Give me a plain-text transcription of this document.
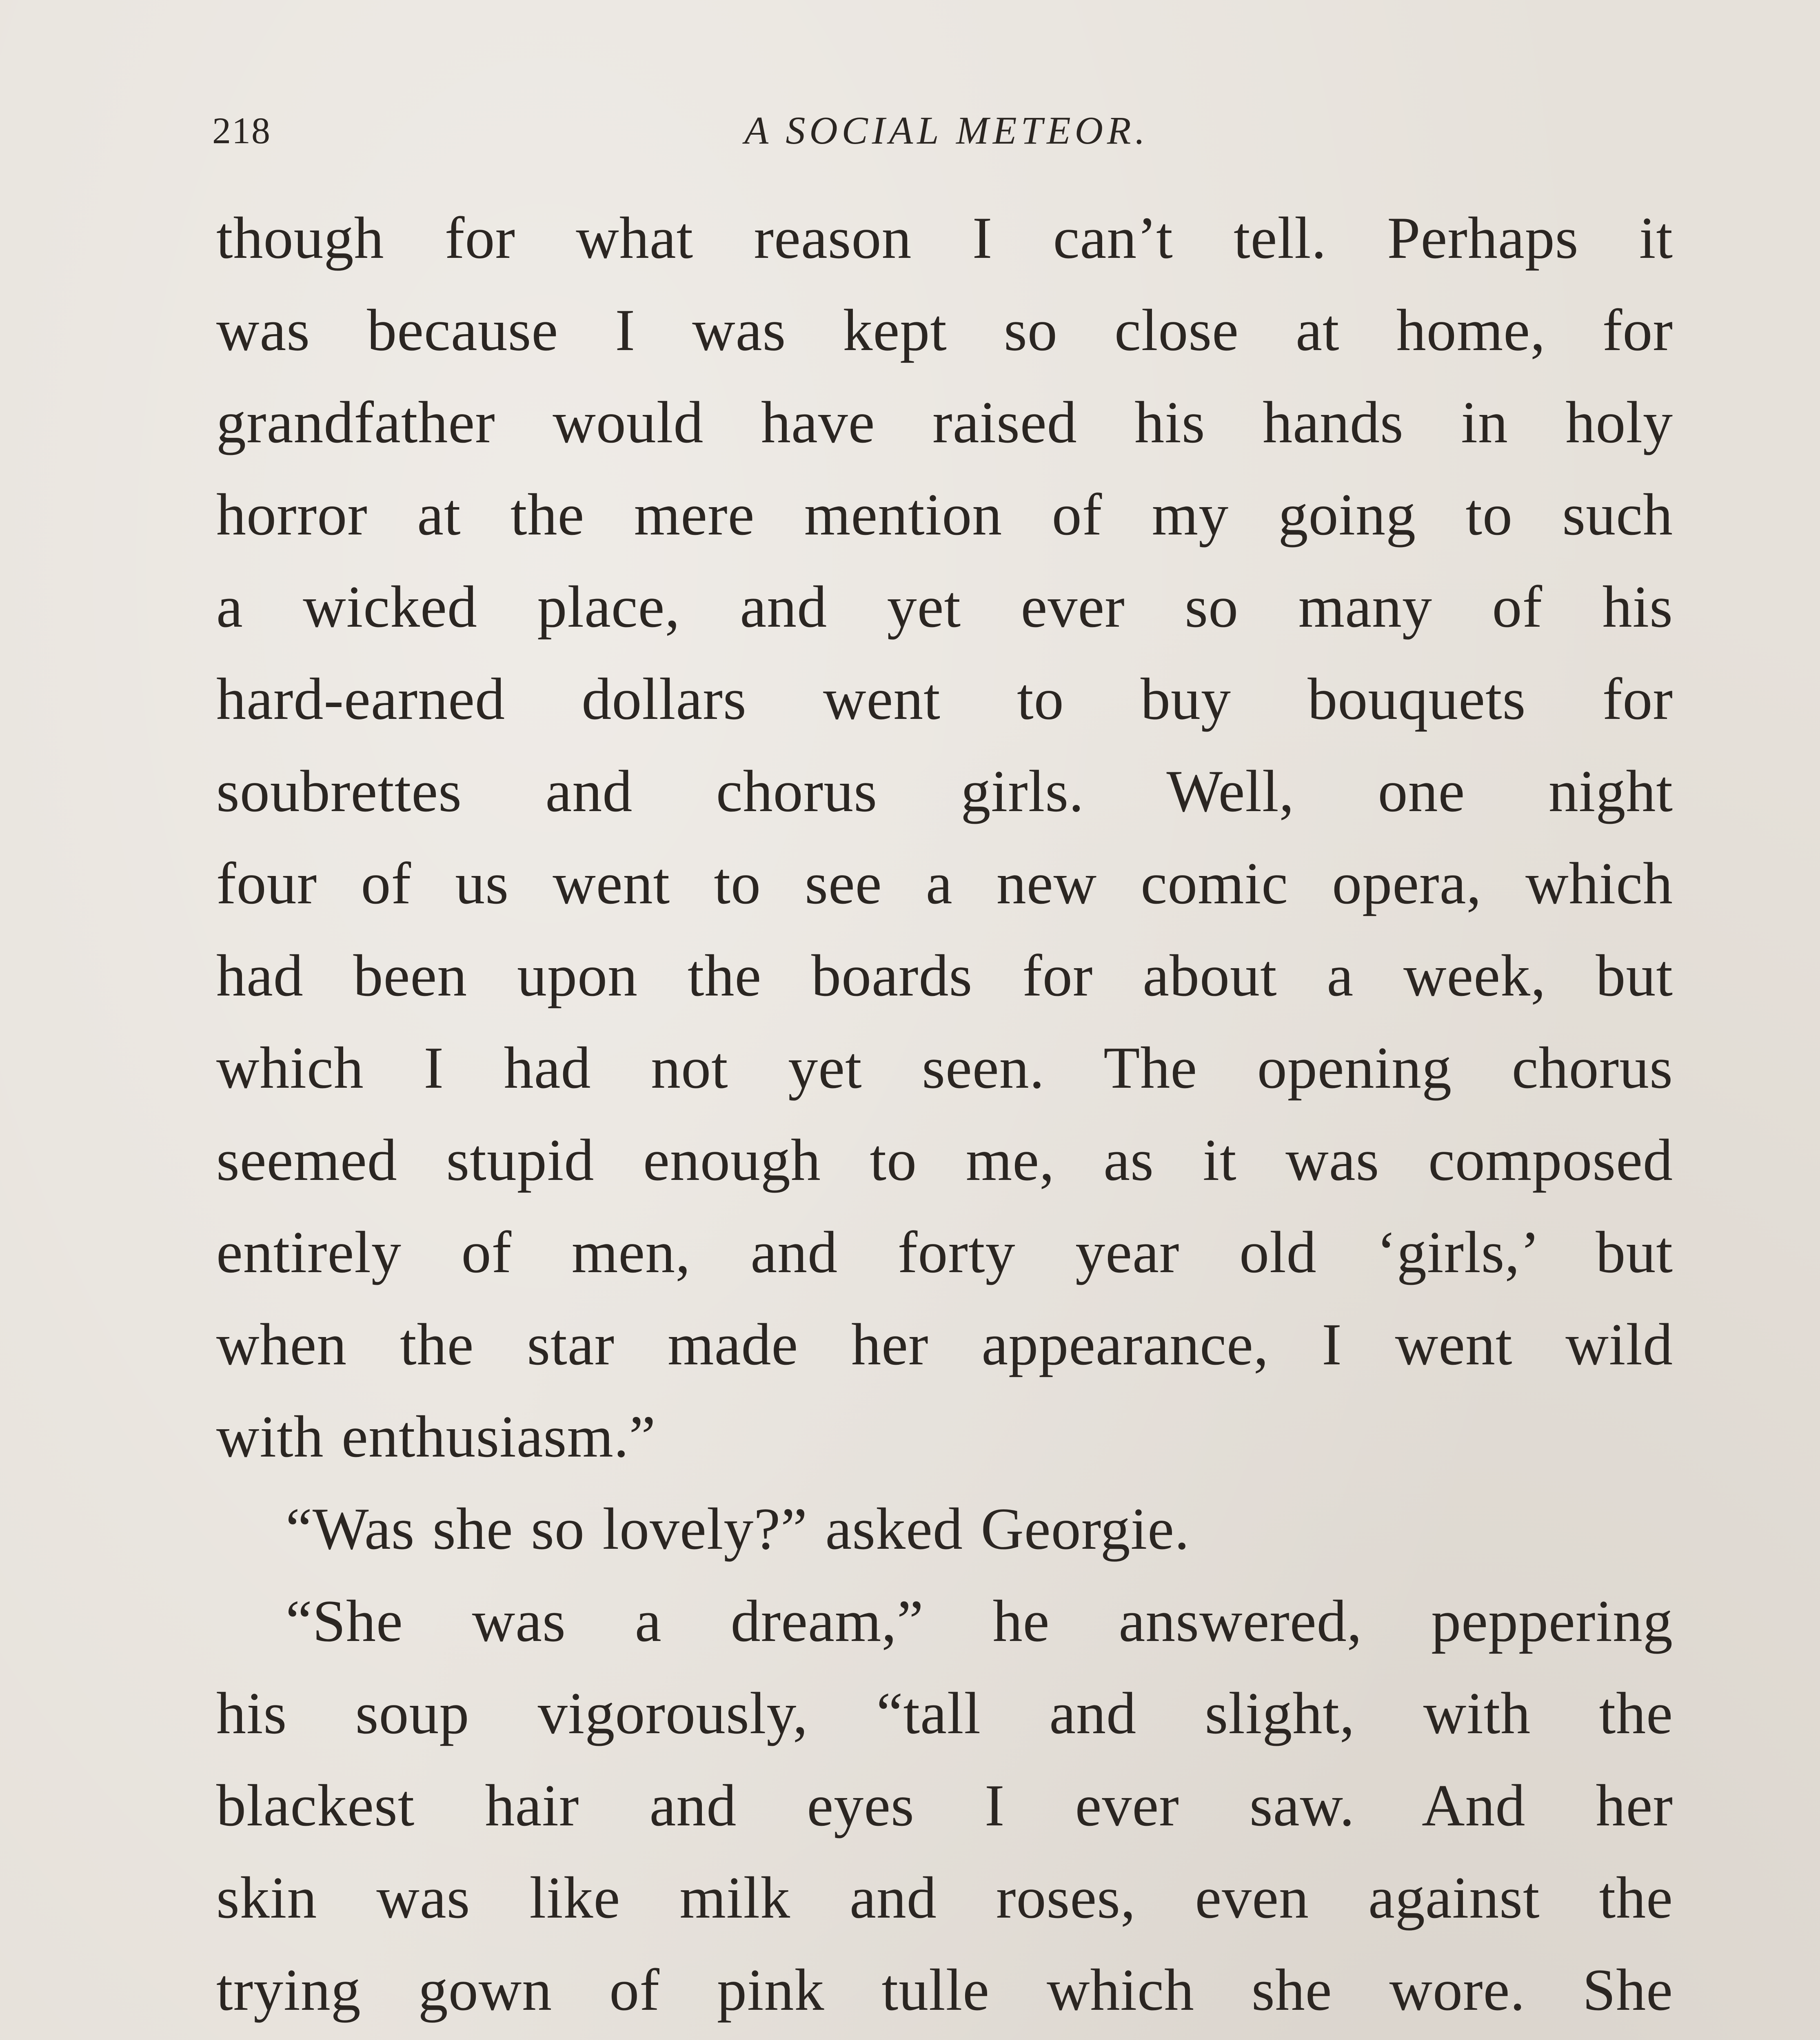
218	A SOCIAL METEOR.
though for what reason I can’t tell. Perhaps it
was because I was kept so close at home, for
grandfather would have raised his hands in holy
horror at the mere mention of my going to such
a wicked place, and yet ever so many of his
hard-earned dollars went to buy bouquets for
soubrettes and chorus girls. Well, one night
four of us went to see a new comic opera, which
had been upon the boards for about a week, but
which I had not yet seen. The opening chorus
seemed stupid enough to me, as it was composed
entirely of men, and forty year old ‘girls,’ but
when the star made her appearance, I went wild
with enthusiasm.”
“Was she so lovely?” asked Georgie.
“She was a dream,” he answered, peppering
his soup vigorously, “tall and slight, with the
blackest hair and eyes I ever saw. And her
skin was like milk and roses, even against the
trying gown of pink tulle which she wore. She
